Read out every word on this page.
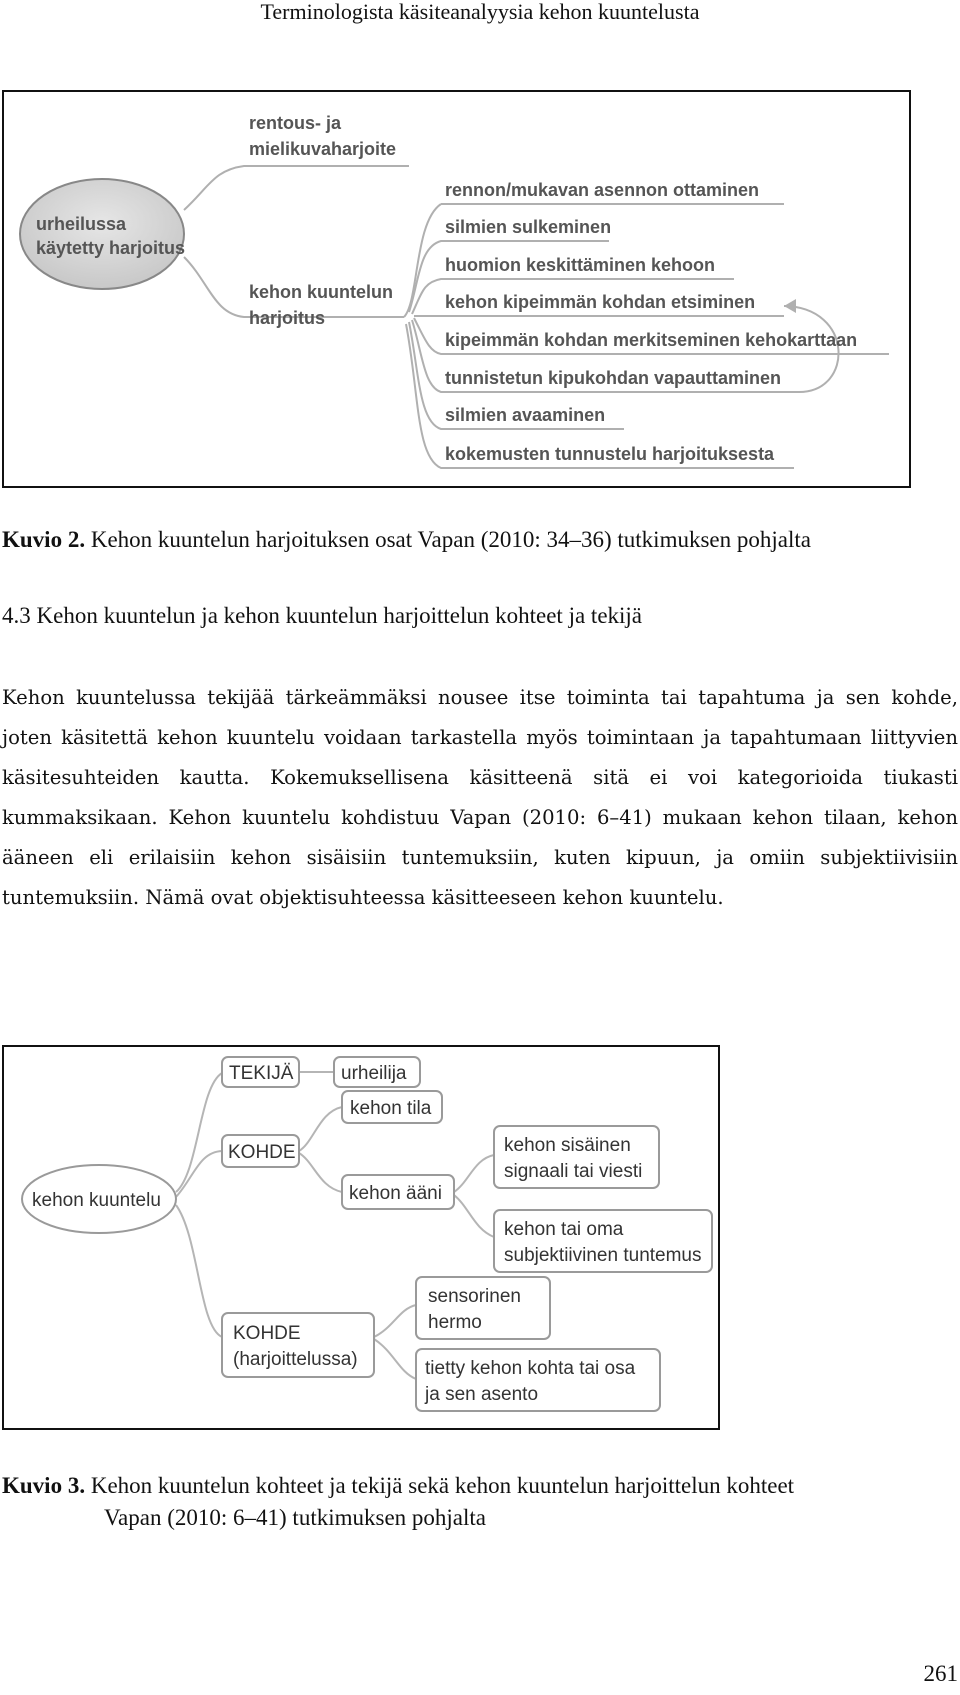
Terminologista käsiteanalyysia kehon kuuntelusta
urheilussa
käytetty harjoitus
rentous- ja
mielikuvaharjoite
kehon kuuntelun
harjoitus
rennon/mukavan asennon ottaminen
silmien sulkeminen
huomion keskittäminen kehoon
kehon kipeimmän kohdan etsiminen
kipeimmän kohdan merkitseminen kehokarttaan
tunnistetun kipukohdan vapauttaminen
silmien avaaminen
kokemusten tunnustelu harjoituksesta
Kuvio 2. Kehon kuuntelun harjoituksen osat Vapan (2010: 34–36) tutkimuksen pohjalta
4.3 Kehon kuuntelun ja kehon kuuntelun harjoittelun kohteet ja tekijä
Kehon kuuntelussa tekijää tärkeämmäksi nousee itse toiminta tai tapahtuma ja sen kohde, joten käsitettä kehon kuuntelu voidaan tarkastella myös toimintaan ja tapahtumaan liittyvien käsitesuhteiden kautta. Kokemuksellisena käsitteenä sitä ei voi kategorioida tiukasti kummaksikaan. Kehon kuuntelu kohdistuu Vapan (2010: 6–41) mukaan kehon tilaan, kehon ääneen eli erilaisiin kehon sisäisiin tuntemuksiin, kuten kipuun, ja omiin subjektiivisiin tuntemuksiin. Nämä ovat objektisuhteessa käsitteeseen kehon kuuntelu.
kehon kuuntelu
TEKIJÄ	urheilija
KOHDE
kehon tila
kehon ääni
kehon sisäinen
signaali tai viesti
kehon tai oma
subjektiivinen tuntemus
KOHDE
(harjoittelussa)
sensorinen
hermo
tietty kehon kohta tai osa
ja sen asento
Kuvio 3. Kehon kuuntelun kohteet ja tekijä sekä kehon kuuntelun harjoittelun kohteet
Vapan (2010: 6–41) tutkimuksen pohjalta
261
